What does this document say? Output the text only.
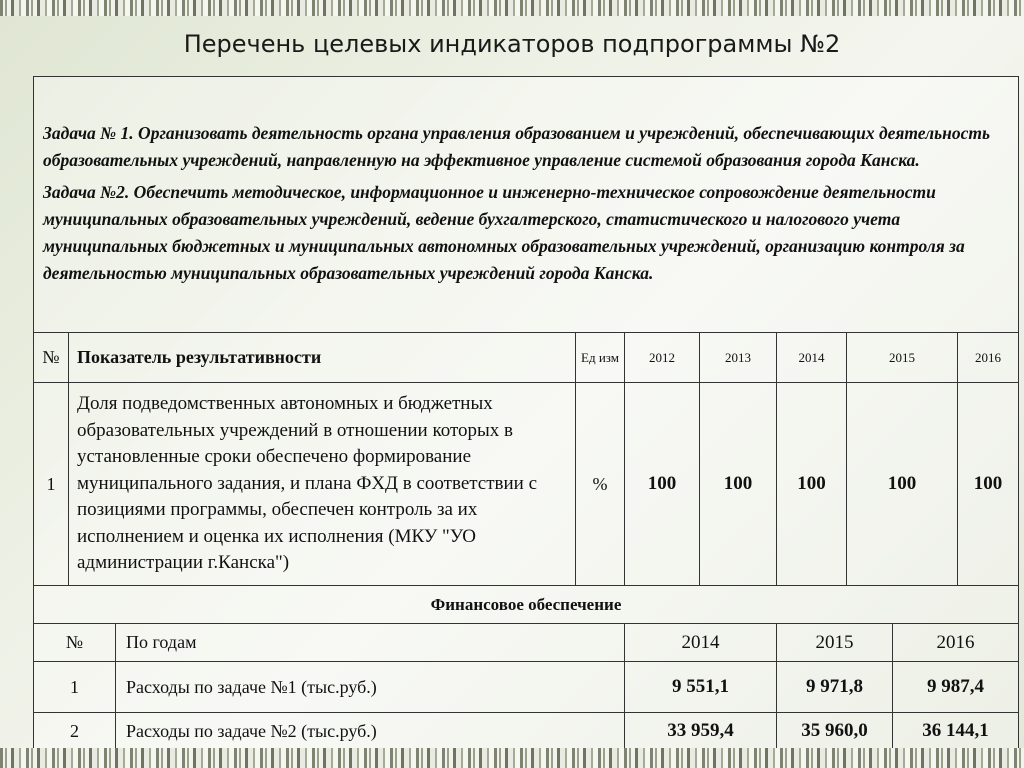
Перечень целевых индикаторов подпрограммы №2

Задача № 1. Организовать деятельность органа управления образованием и учреждений, обеспечивающих деятельность образовательных учреждений, направленную на эффективное управление системой образования города Канска.

Задача №2. Обеспечить методическое, информационное и инженерно-техническое сопровождение деятельности муниципальных образовательных учреждений, ведение бухгалтерского, статистического и налогового учета муниципальных бюджетных и муниципальных автономных образовательных учреждений, организацию контроля за деятельностью муниципальных образовательных учреждений города Канска.									

№	Показатель результативности		Ед изм	2012	2013	2014	2015		2016
1	Доля подведомственных автономных и бюджетных образовательных учреждений в отношении которых в установленные сроки обеспечено формирование муниципального задания, и плана ФХД в соответствии с позициями программы, обеспечен контроль за их исполнением и оценка их исполнения (МКУ "УО администрации г.Канска")		%	100	100	100	100		100
Финансовое обеспечение									
№		По годам		2014		2015		2016	
1		Расходы по задаче №1 (тыс.руб.)		9 551,1		9 971,8		9 987,4	
2		Расходы по задаче №2 (тыс.руб.)		33 959,4		35 960,0		36 144,1	
